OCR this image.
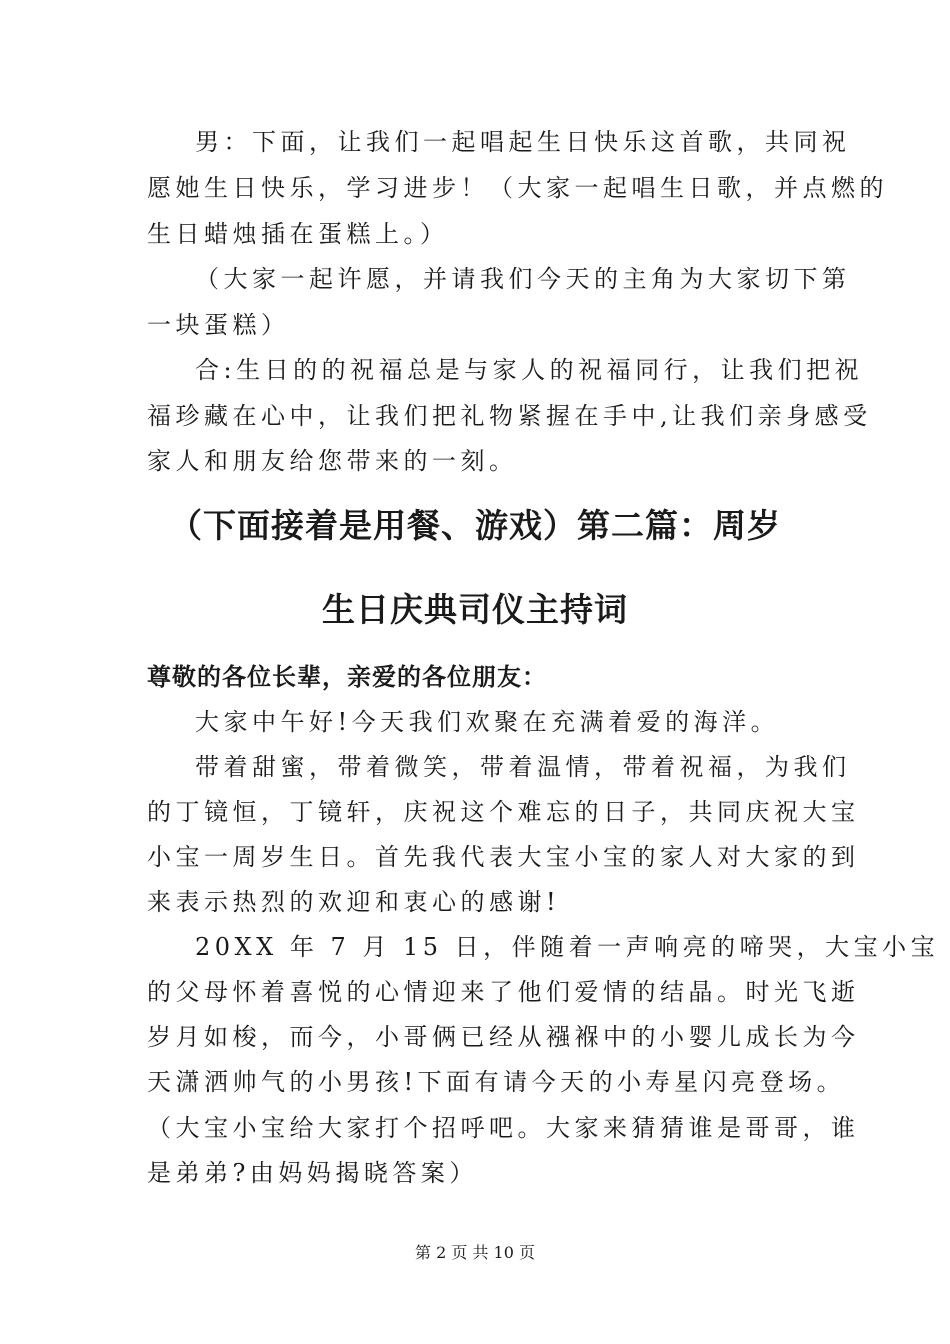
男：下面，让我们一起唱起生日快乐这首歌，共同祝
愿她生日快乐，学习进步！（大家一起唱生日歌，并点燃的
生日蜡烛插在蛋糕上。）
（大家一起许愿，并请我们今天的主角为大家切下第
一块蛋糕）
合:生日的的祝福总是与家人的祝福同行，让我们把祝
福珍藏在心中，让我们把礼物紧握在手中,让我们亲身感受
家人和朋友给您带来的一刻。
（下面接着是用餐、游戏）第二篇：周岁
生日庆典司仪主持词
尊敬的各位长辈，亲爱的各位朋友：
大家中午好!今天我们欢聚在充满着爱的海洋。
带着甜蜜，带着微笑，带着温情，带着祝福，为我们
的丁镜恒，丁镜轩，庆祝这个难忘的日子，共同庆祝大宝
小宝一周岁生日。首先我代表大宝小宝的家人对大家的到
来表示热烈的欢迎和衷心的感谢!
20XX 年 7 月 15 日，伴随着一声响亮的啼哭，大宝小宝
的父母怀着喜悦的心情迎来了他们爱情的结晶。时光飞逝
岁月如梭，而今，小哥俩已经从襁褓中的小婴儿成长为今
天潇洒帅气的小男孩!下面有请今天的小寿星闪亮登场。
（大宝小宝给大家打个招呼吧。大家来猜猜谁是哥哥，谁
是弟弟?由妈妈揭晓答案）
第 2 页 共 10 页
